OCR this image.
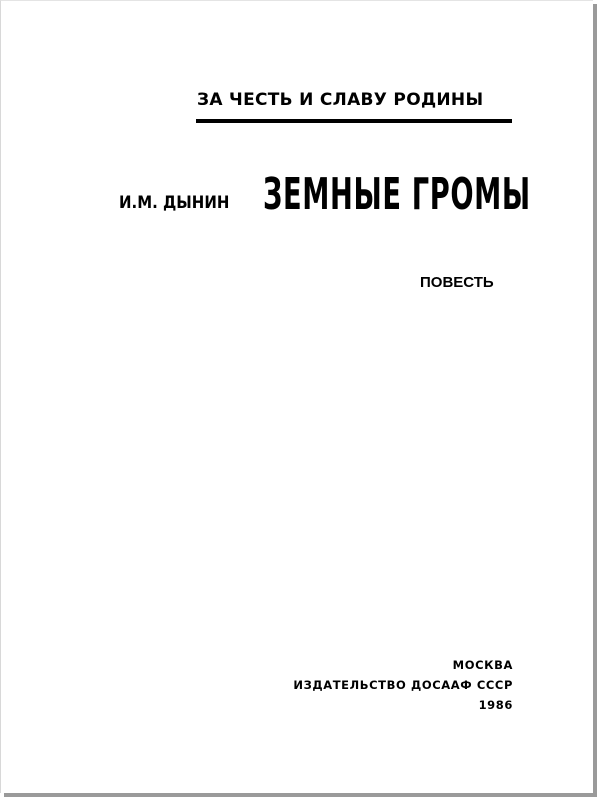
ЗА ЧЕСТЬ И СЛАВУ РОДИНЫ
И.М. ДЫНИН ЗЕМНЫЕ ГРОМЫ
ПОВЕСТЬ
МОСКВА
ИЗДАТЕЛЬСТВО ДОСААФ СССР
1986
